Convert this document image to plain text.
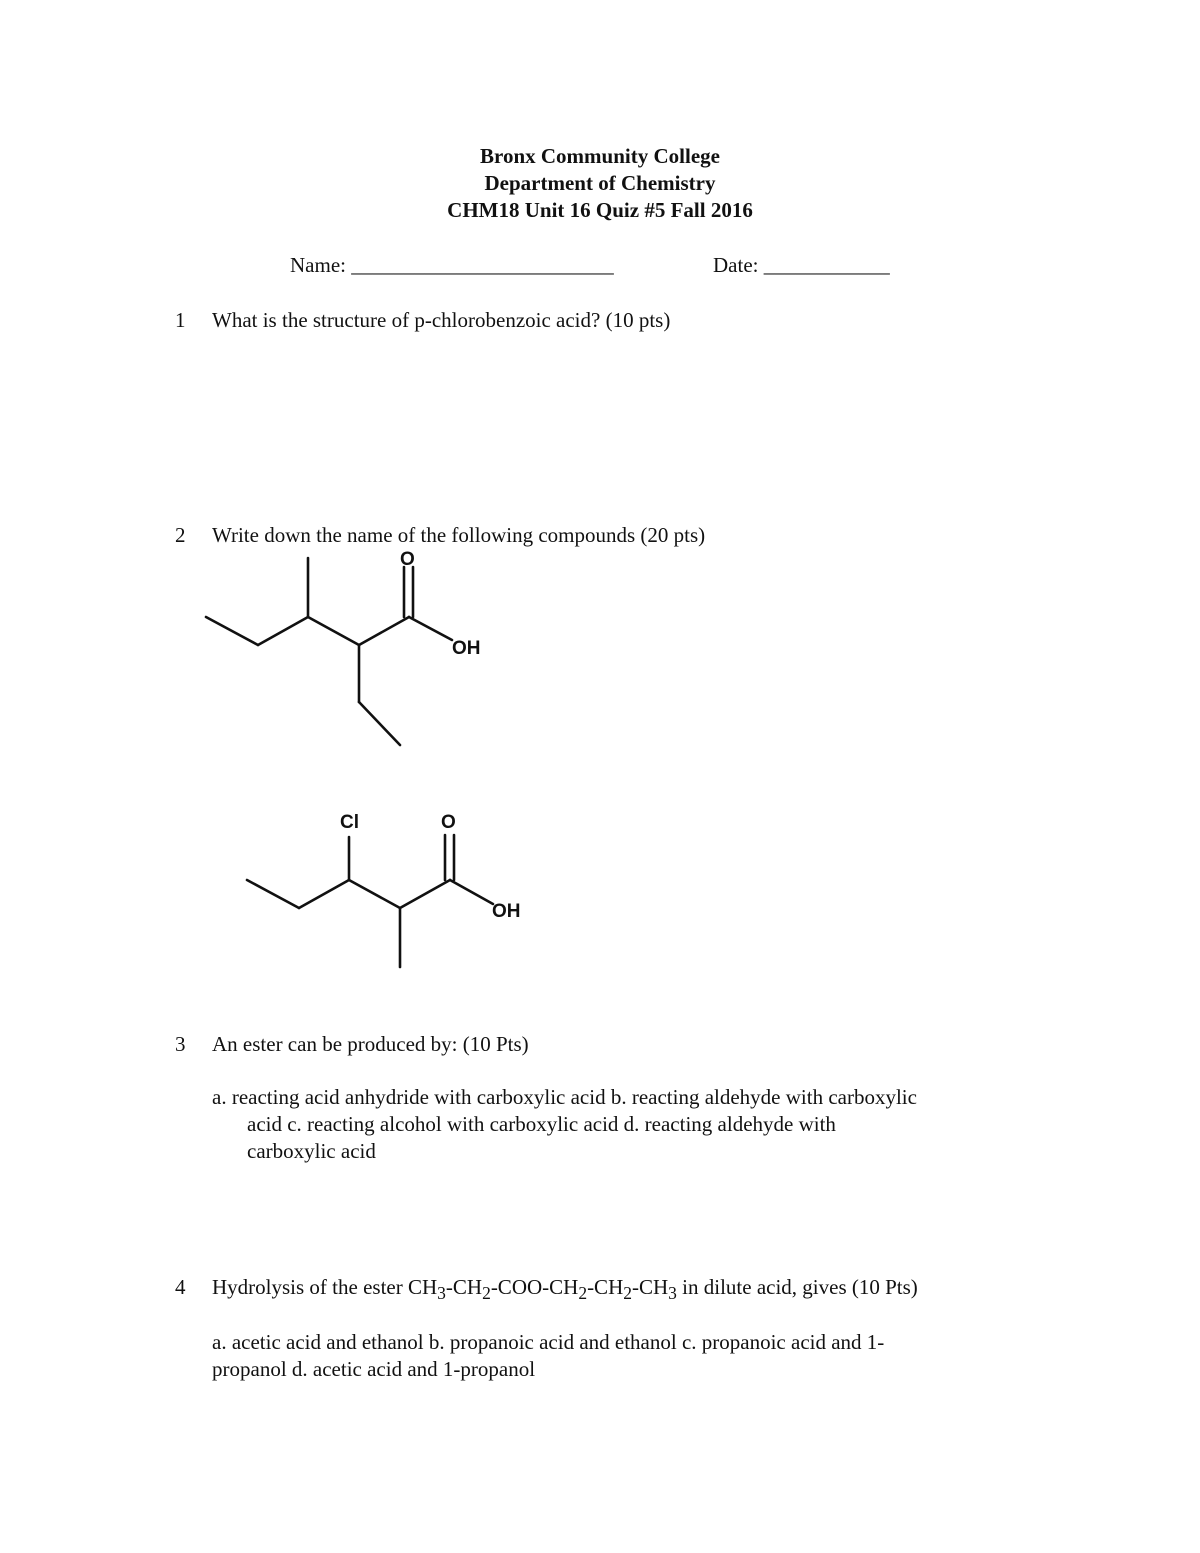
Bronx Community College
Department of Chemistry
CHM18 Unit 16 Quiz #5 Fall 2016
Name: _________________________	Date: ____________
1 What is the structure of p-chlorobenzoic acid? (10 pts)
2 Write down the name of the following compounds (20 pts)
O
OH
Cl	O
OH
3 An ester can be produced by: (10 Pts)
a. reacting acid anhydride with carboxylic acid b. reacting aldehyde with carboxylic
acid c. reacting alcohol with carboxylic acid d. reacting aldehyde with
carboxylic acid
4 Hydrolysis of the ester $CH_3-CH_2-COO-CH_2-CH_2-CH_3$ in dilute acid, gives (10 Pts)
a. acetic acid and ethanol b. propanoic acid and ethanol c. propanoic acid and 1-
propanol d. acetic acid and 1-propanol
